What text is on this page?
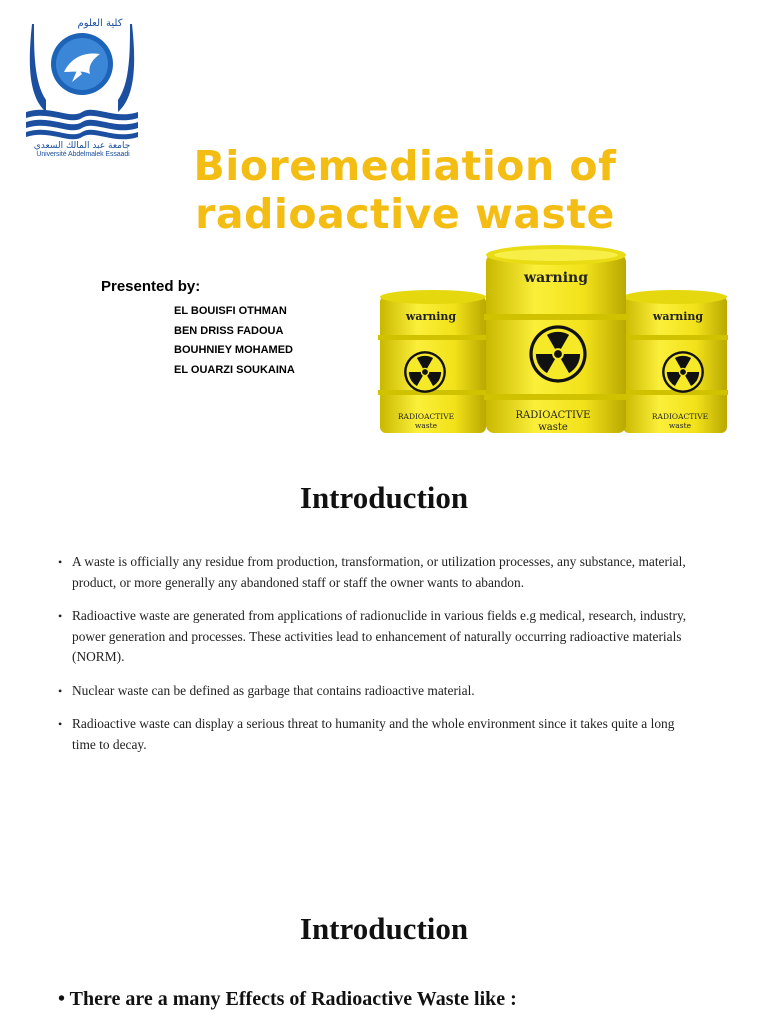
كلية العلوم
جامعة عبد المالك السعدي
Université Abdelmalek Essaadi	Bioremediation of
radioactive waste
Presented by:
EL BOUISFI OTHMAN
BEN DRISS FADOUA
BOUHNIEY MOHAMED
EL OUARZI SOUKAINA
warning
RADIOACTIVE
waste
warning
RADIOACTIVE
waste
warning
RADIOACTIVE
waste
Introduction
• A waste is officially any residue from production, transformation, or utilization processes, any substance, material, product, or more generally any abandoned staff or staff the owner wants to abandon.
• Radioactive waste are generated from applications of radionuclide in various fields e.g medical, research, industry, power generation and processes. These activities lead to enhancement of naturally occurring radioactive materials (NORM).
• Nuclear waste can be defined as garbage that contains radioactive material.
• Radioactive waste can display a serious threat to humanity and the whole environment since it takes quite a long time to decay.
Introduction
• There are a many Effects of Radioactive Waste like :
